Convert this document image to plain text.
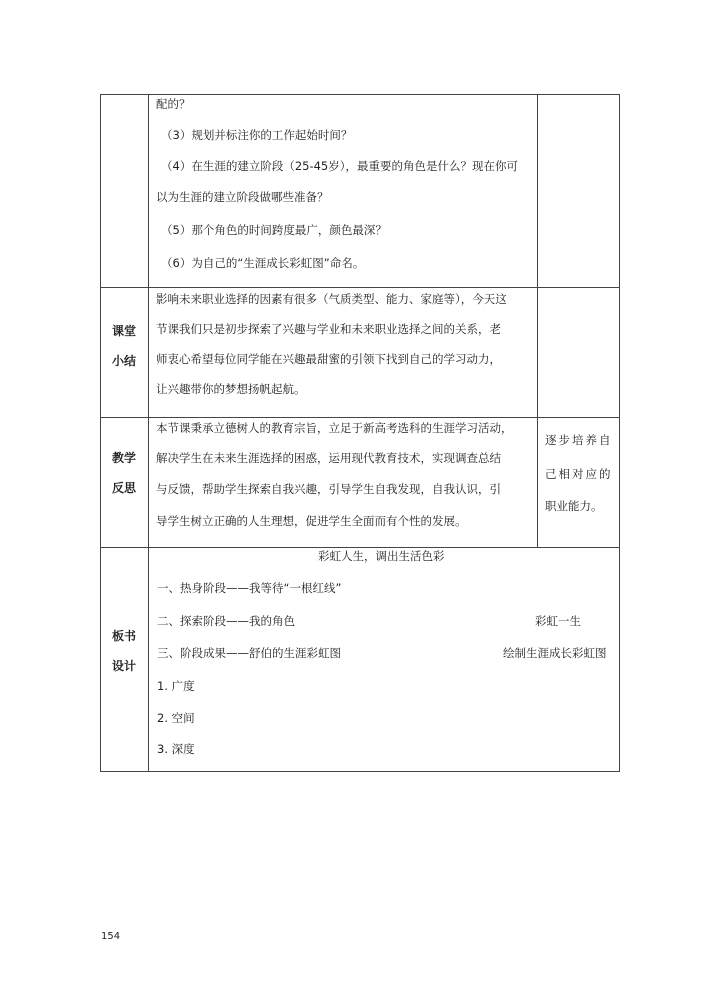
配的？
（3）规划并标注你的工作起始时间？
（4）在生涯的建立阶段（25-45岁），最重要的角色是什么？现在你可
以为生涯的建立阶段做哪些准备？
（5）那个角色的时间跨度最广，颜色最深？
（6）为自己的“生涯成长彩虹图”命名。
课堂
小结
影响未来职业选择的因素有很多（气质类型、能力、家庭等），今天这
节课我们只是初步探索了兴趣与学业和未来职业选择之间的关系，老
师衷心希望每位同学能在兴趣最甜蜜的引领下找到自己的学习动力，
让兴趣带你的梦想扬帆起航。
教学
反思
本节课秉承立德树人的教育宗旨，立足于新高考选科的生涯学习活动，
解决学生在未来生涯选择的困惑，运用现代教育技术，实现调查总结
与反馈，帮助学生探索自我兴趣，引导学生自我发现，自我认识，引
导学生树立正确的人生理想，促进学生全面而有个性的发展。
逐步培养自
己相对应的
职业能力。
板书
设计
彩虹人生，调出生活色彩
一、热身阶段——我等待“一根红线”
二、探索阶段——我的角色	彩虹一生
三、阶段成果——舒伯的生涯彩虹图	绘制生涯成长彩虹图
1. 广度
2. 空间
3. 深度
154
